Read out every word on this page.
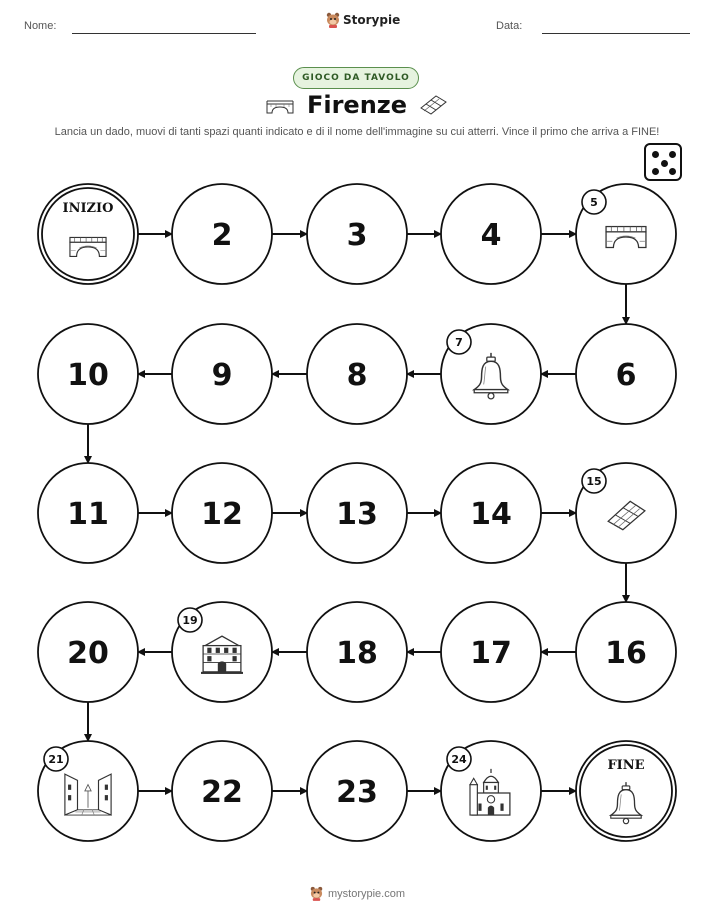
Nome:	Storypie	Data:
GIOCO DA TAVOLO
Firenze
Lancia un dado, muovi di tanti spazi quanti indicato e di il nome dell'immagine su cui atterri. Vince il primo che arriva a FINE!
INIZIO
2	3	4
5
6
7
8
9
10
11	12	13	14
15
16
17
18
19
20
21
22	23
24	FINE
mystorypie.com
